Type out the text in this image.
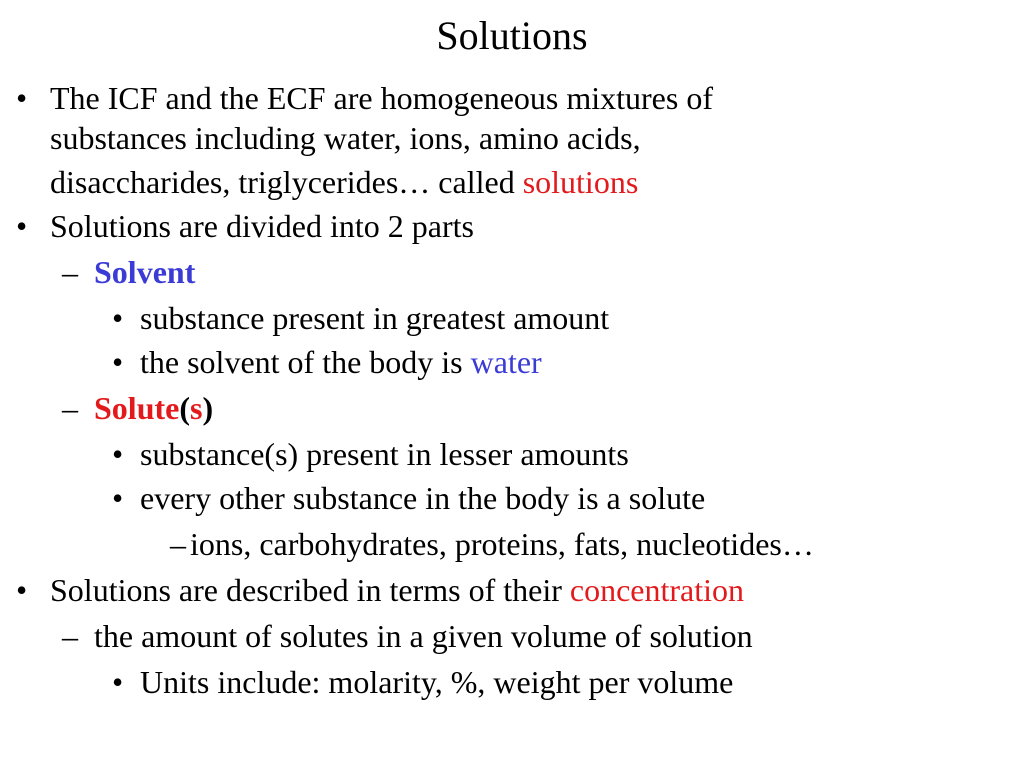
Solutions
• The ICF and the ECF are homogeneous mixtures of
substances including water, ions, amino acids,
disaccharides, triglycerides… called solutions
• Solutions are divided into 2 parts
– Solvent
• substance present in greatest amount
• the solvent of the body is water
– Solute(s)
• substance(s) present in lesser amounts
• every other substance in the body is a solute
– ions, carbohydrates, proteins, fats, nucleotides…
• Solutions are described in terms of their concentration
– the amount of solutes in a given volume of solution
• Units include: molarity, %, weight per volume
